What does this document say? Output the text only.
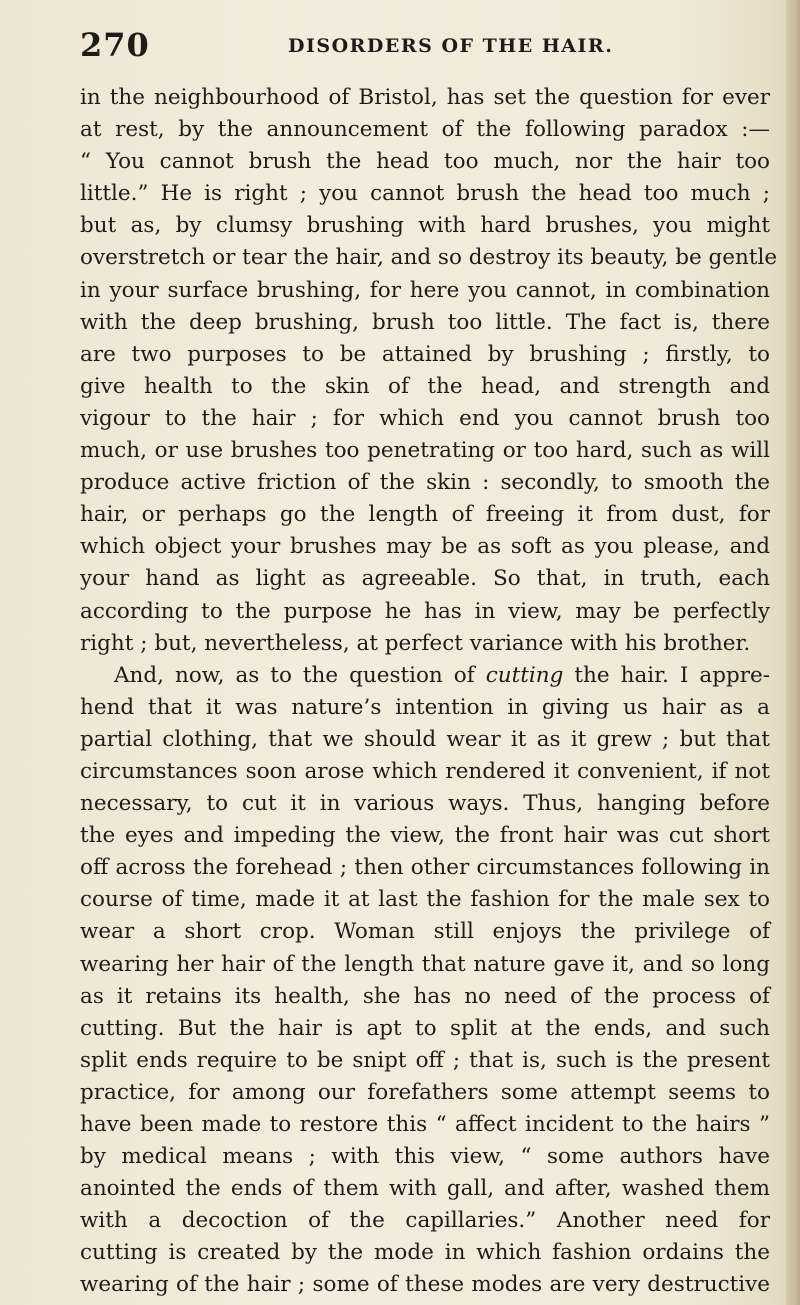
270	DISORDERS OF THE HAIR.
in the neighbourhood of Bristol, has set the question for ever
at rest, by the announcement of the following paradox :—
“ You cannot brush the head too much, nor the hair too
little.” He is right ; you cannot brush the head too much ;
but as, by clumsy brushing with hard brushes, you might
overstretch or tear the hair, and so destroy its beauty, be gentle
in your surface brushing, for here you cannot, in combination
with the deep brushing, brush too little. The fact is, there
are two purposes to be attained by brushing ; firstly, to
give health to the skin of the head, and strength and
vigour to the hair ; for which end you cannot brush too
much, or use brushes too penetrating or too hard, such as will
produce active friction of the skin : secondly, to smooth the
hair, or perhaps go the length of freeing it from dust, for
which object your brushes may be as soft as you please, and
your hand as light as agreeable. So that, in truth, each
according to the purpose he has in view, may be perfectly
right ; but, nevertheless, at perfect variance with his brother.
And, now, as to the question of cutting the hair. I appre-
hend that it was nature’s intention in giving us hair as a
partial clothing, that we should wear it as it grew ; but that
circumstances soon arose which rendered it convenient, if not
necessary, to cut it in various ways. Thus, hanging before
the eyes and impeding the view, the front hair was cut short
off across the forehead ; then other circumstances following in
course of time, made it at last the fashion for the male sex to
wear a short crop. Woman still enjoys the privilege of
wearing her hair of the length that nature gave it, and so long
as it retains its health, she has no need of the process of
cutting. But the hair is apt to split at the ends, and such
split ends require to be snipt off ; that is, such is the present
practice, for among our forefathers some attempt seems to
have been made to restore this “ affect incident to the hairs ”
by medical means ; with this view, “ some authors have
anointed the ends of them with gall, and after, washed them
with a decoction of the capillaries.” Another need for
cutting is created by the mode in which fashion ordains the
wearing of the hair ; some of these modes are very destructive
